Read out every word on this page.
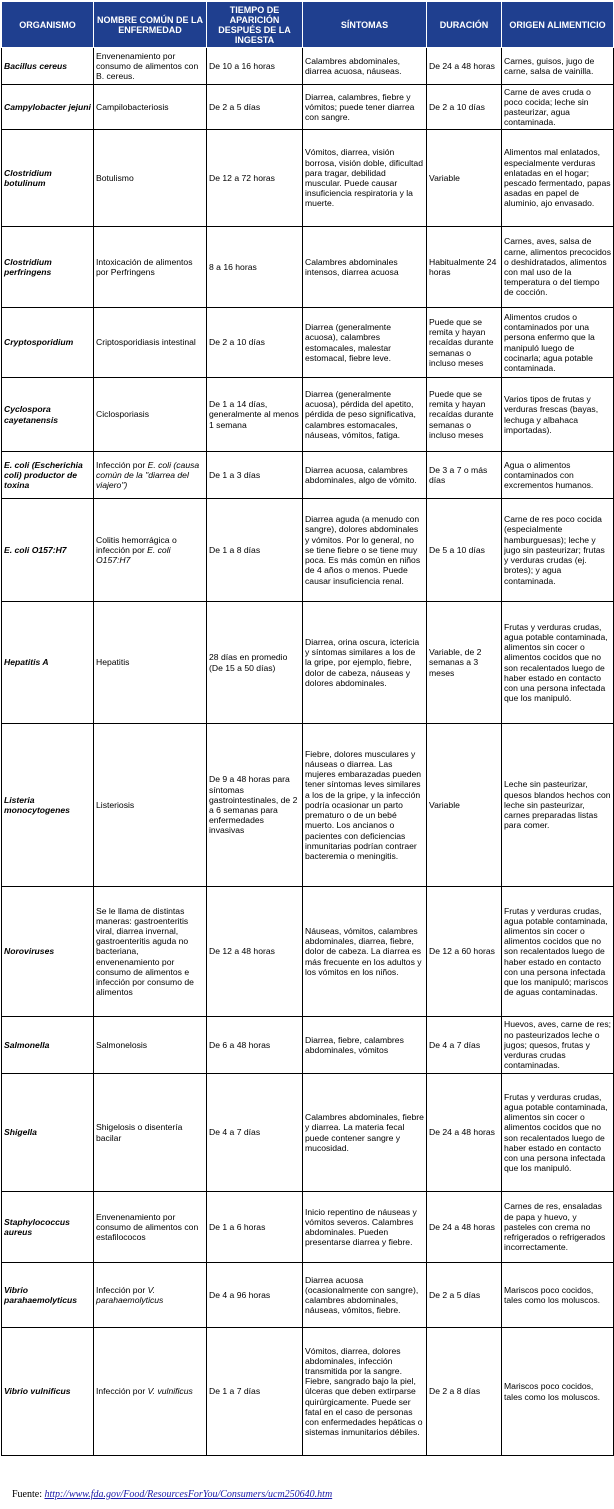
ORGANISMO	NOMBRE COMÚN DE LA ENFERMEDAD	TIEMPO DE APARICIÓN DESPUÉS DE LA INGESTA	SÍNTOMAS	DURACIÓN	ORIGEN ALIMENTICIO
Bacillus cereus	Envenenamiento por consumo de alimentos con B. cereus.	De 10 a 16 horas	Calambres abdominales, diarrea acuosa, náuseas.	De 24 a 48 horas	Carnes, guisos, jugo de carne, salsa de vainilla.
Campylobacter jejuni	Campilobacteriosis	De 2 a 5 días	Diarrea, calambres, fiebre y vómitos; puede tener diarrea con sangre.	De 2 a 10 días	Carne de aves cruda o poco cocida; leche sin pasteurizar, agua contaminada.
Clostridium botulinum	Botulismo	De 12 a 72 horas	Vómitos, diarrea, visión borrosa, visión doble, dificultad para tragar, debilidad muscular. Puede causar insuficiencia respiratoria y la muerte.	Variable	Alimentos mal enlatados, especialmente verduras enlatadas en el hogar; pescado fermentado, papas asadas en papel de aluminio, ajo envasado.
Clostridium perfringens	Intoxicación de alimentos por Perfringens	8 a 16 horas	Calambres abdominales intensos, diarrea acuosa	Habitualmente 24 horas	Carnes, aves, salsa de carne, alimentos precocidos o deshidratados, alimentos con mal uso de la temperatura o del tiempo de cocción.
Cryptosporidium	Criptosporidiasis intestinal	De 2 a 10 días	Diarrea (generalmente acuosa), calambres estomacales, malestar estomacal, fiebre leve.	Puede que se remita y hayan recaídas durante semanas o incluso meses	Alimentos crudos o contaminados por una persona enfermo que la manipuló luego de cocinarla; agua potable contaminada.
Cyclospora cayetanensis	Ciclosporiasis	De 1 a 14 días, generalmente al menos 1 semana	Diarrea (generalmente acuosa), pérdida del apetito, pérdida de peso significativa, calambres estomacales, náuseas, vómitos, fatiga.	Puede que se remita y hayan recaídas durante semanas o incluso meses	Varios tipos de frutas y verduras frescas (bayas, lechuga y albahaca importadas).
E. coli (Escherichia coli) productor de toxina	Infección por E. coli (causa común de la "diarrea del viajero")	De 1 a 3 días	Diarrea acuosa, calambres abdominales, algo de vómito.	De 3 a 7 o más días	Agua o alimentos contaminados con excrementos humanos.
E. coli O157:H7	Colitis hemorrágica o infección por E. coli O157:H7	De 1 a 8 días	Diarrea aguda (a menudo con sangre), dolores abdominales y vómitos. Por lo general, no se tiene fiebre o se tiene muy poca. Es más común en niños de 4 años o menos. Puede causar insuficiencia renal.	De 5 a 10 días	Carne de res poco cocida (especialmente hamburguesas); leche y jugo sin pasteurizar; frutas y verduras crudas (ej. brotes); y agua contaminada.
Hepatitis A	Hepatitis	28 días en promedio (De 15 a 50 días)	Diarrea, orina oscura, ictericia y síntomas similares a los de la gripe, por ejemplo, fiebre, dolor de cabeza, náuseas y dolores abdominales.	Variable, de 2 semanas a 3 meses	Frutas y verduras crudas, agua potable contaminada, alimentos sin cocer o alimentos cocidos que no son recalentados luego de haber estado en contacto con una persona infectada que los manipuló.
Listeria monocytogenes	Listeriosis	De 9 a 48 horas para síntomas gastrointestinales, de 2 a 6 semanas para enfermedades invasivas	Fiebre, dolores musculares y náuseas o diarrea. Las mujeres embarazadas pueden tener síntomas leves similares a los de la gripe, y la infección podría ocasionar un parto prematuro o de un bebé muerto. Los ancianos o pacientes con deficiencias inmunitarias podrían contraer bacteremia o meningitis.	Variable	Leche sin pasteurizar, quesos blandos hechos con leche sin pasteurizar, carnes preparadas listas para comer.
Noroviruses	Se le llama de distintas maneras: gastroenteritis viral, diarrea invernal, gastroenteritis aguda no bacteriana, envenenamiento por consumo de alimentos e infección por consumo de alimentos	De 12 a 48 horas	Náuseas, vómitos, calambres abdominales, diarrea, fiebre, dolor de cabeza. La diarrea es más frecuente en los adultos y los vómitos en los niños.	De 12 a 60 horas	Frutas y verduras crudas, agua potable contaminada, alimentos sin cocer o alimentos cocidos que no son recalentados luego de haber estado en contacto con una persona infectada que los manipuló; mariscos de aguas contaminadas.
Salmonella	Salmonelosis	De 6 a 48 horas	Diarrea, fiebre, calambres abdominales, vómitos	De 4 a 7 días	Huevos, aves, carne de res; no pasteurizados leche o jugos; quesos, frutas y verduras crudas contaminadas.
Shigella	Shigelosis o disentería bacilar	De 4 a 7 días	Calambres abdominales, fiebre y diarrea. La materia fecal puede contener sangre y mucosidad.	De 24 a 48 horas	Frutas y verduras crudas, agua potable contaminada, alimentos sin cocer o alimentos cocidos que no son recalentados luego de haber estado en contacto con una persona infectada que los manipuló.
Staphylococcus aureus	Envenenamiento por consumo de alimentos con estafilococos	De 1 a 6 horas	Inicio repentino de náuseas y vómitos severos. Calambres abdominales. Pueden presentarse diarrea y fiebre.	De 24 a 48 horas	Carnes de res, ensaladas de papa y huevo, y pasteles con crema no refrigerados o refrigerados incorrectamente.
Vibrio parahaemolyticus	Infección por V. parahaemolyticus	De 4 a 96 horas	Diarrea acuosa (ocasionalmente con sangre), calambres abdominales, náuseas, vómitos, fiebre.	De 2 a 5 días	Mariscos poco cocidos, tales como los moluscos.
Vibrio vulnificus	Infección por V. vulnificus	De 1 a 7 días	Vómitos, diarrea, dolores abdominales, infección transmitida por la sangre. Fiebre, sangrado bajo la piel, úlceras que deben extirparse quirúrgicamente. Puede ser fatal en el caso de personas con enfermedades hepáticas o sistemas inmunitarios débiles.	De 2 a 8 días	Mariscos poco cocidos, tales como los moluscos.
Fuente: http://www.fda.gov/Food/ResourcesForYou/Consumers/ucm250640.htm
